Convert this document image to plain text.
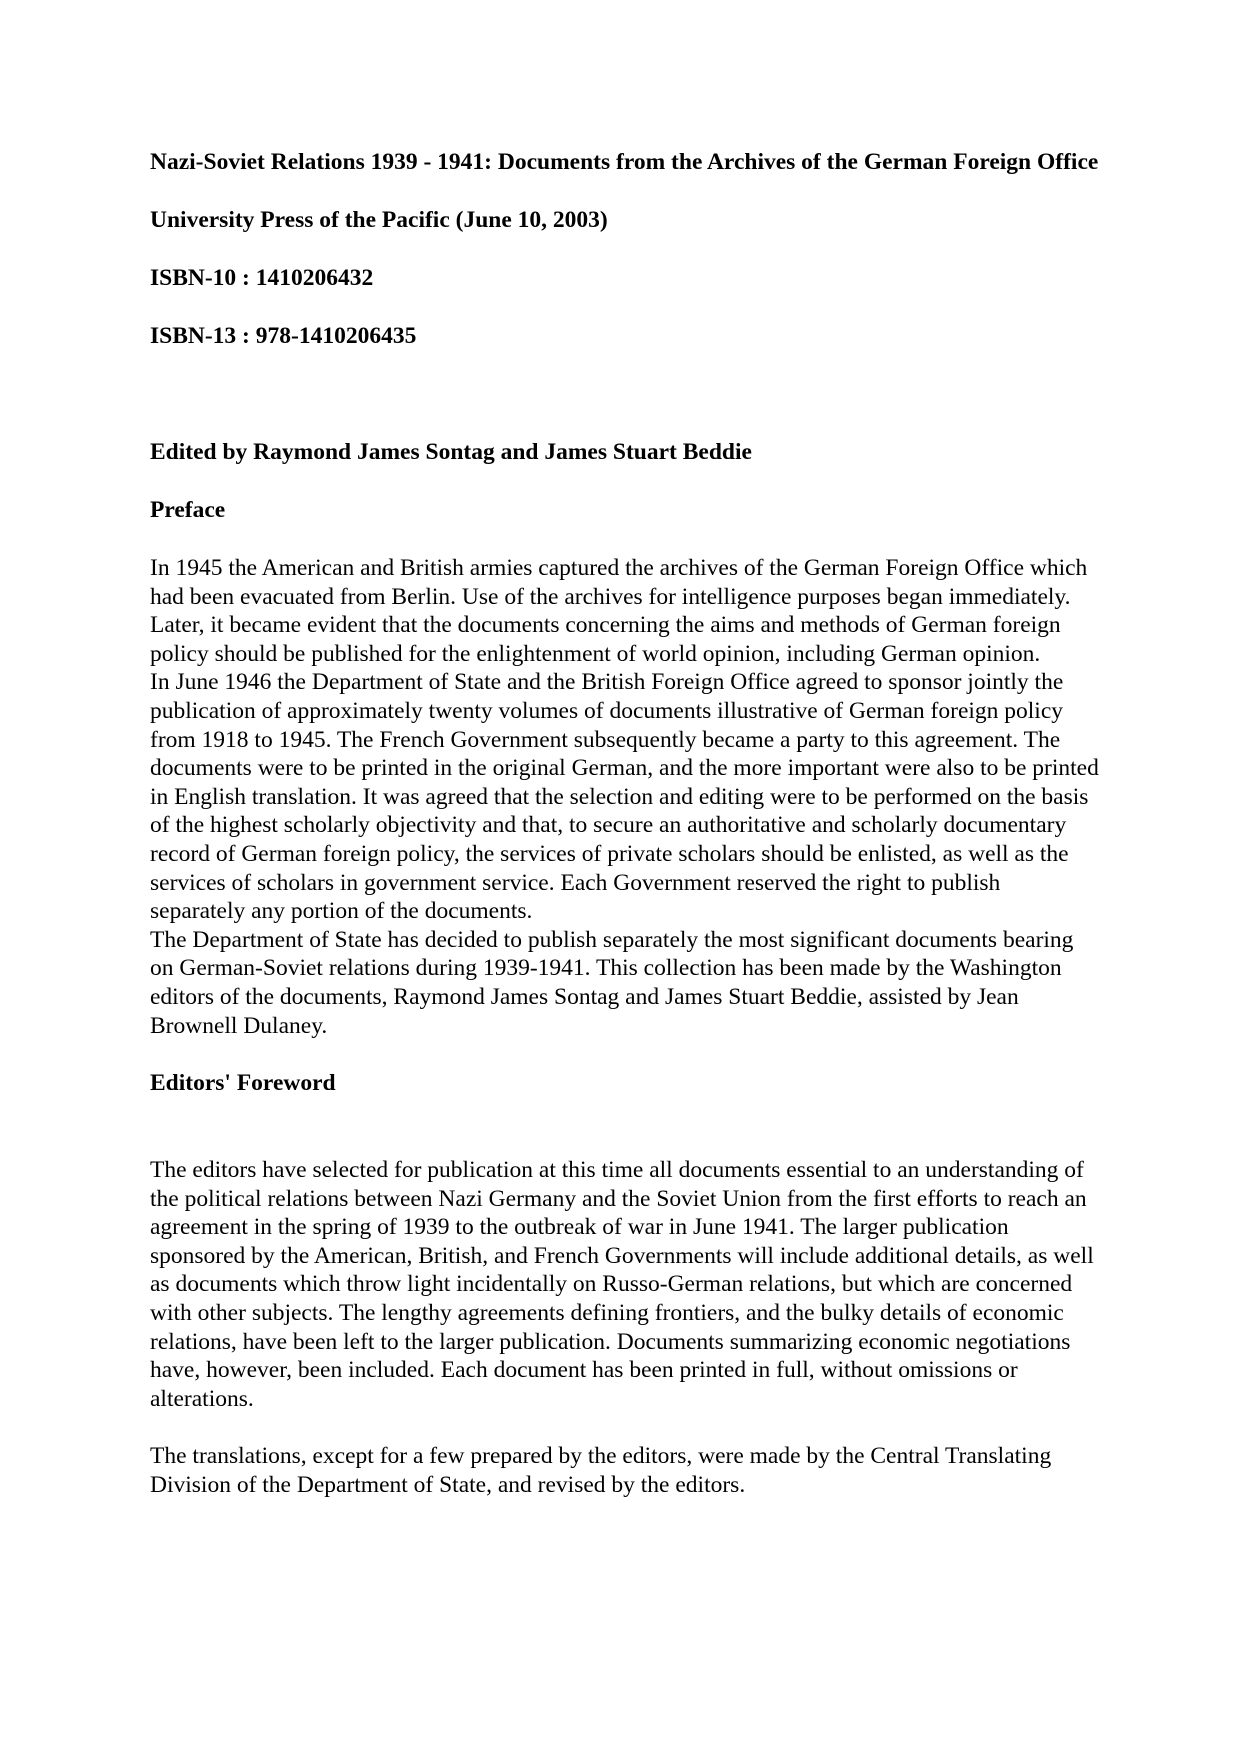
Nazi-Soviet Relations 1939 - 1941: Documents from the Archives of the German Foreign Office

University Press of the Pacific (June 10, 2003)

ISBN-10 : 1410206432

ISBN-13 : 978-1410206435

Edited by Raymond James Sontag and James Stuart Beddie

Preface

In 1945 the American and British armies captured the archives of the German Foreign Office which had been evacuated from Berlin. Use of the archives for intelligence purposes began immediately. Later, it became evident that the documents concerning the aims and methods of German foreign policy should be published for the enlightenment of world opinion, including German opinion.

In June 1946 the Department of State and the British Foreign Office agreed to sponsor jointly the publication of approximately twenty volumes of documents illustrative of German foreign policy from 1918 to 1945. The French Government subsequently became a party to this agreement. The documents were to be printed in the original German, and the more important were also to be printed in English translation. It was agreed that the selection and editing were to be performed on the basis of the highest scholarly objectivity and that, to secure an authoritative and scholarly documentary record of German foreign policy, the services of private scholars should be enlisted, as well as the services of scholars in government service. Each Government reserved the right to publish separately any portion of the documents.

The Department of State has decided to publish separately the most significant documents bearing on German-Soviet relations during 1939-1941. This collection has been made by the Washington editors of the documents, Raymond James Sontag and James Stuart Beddie, assisted by Jean Brownell Dulaney.

Editors' Foreword

The editors have selected for publication at this time all documents essential to an understanding of the political relations between Nazi Germany and the Soviet Union from the first efforts to reach an agreement in the spring of 1939 to the outbreak of war in June 1941. The larger publication sponsored by the American, British, and French Governments will include additional details, as well as documents which throw light incidentally on Russo-German relations, but which are concerned with other subjects. The lengthy agreements defining frontiers, and the bulky details of economic relations, have been left to the larger publication. Documents summarizing economic negotiations have, however, been included. Each document has been printed in full, without omissions or alterations.

The translations, except for a few prepared by the editors, were made by the Central Translating Division of the Department of State, and revised by the editors.
